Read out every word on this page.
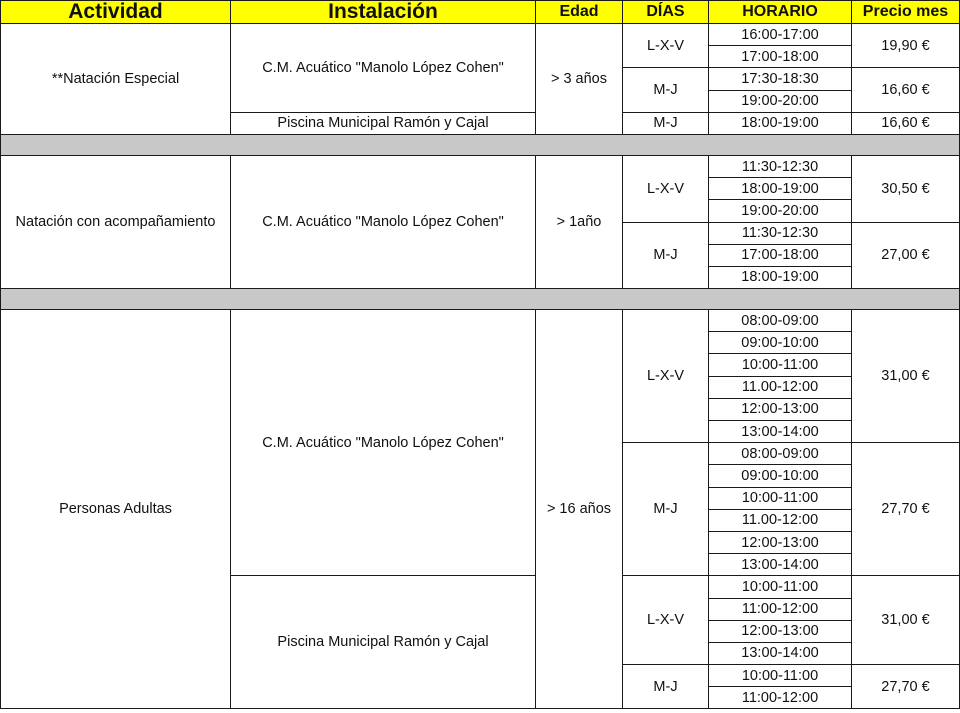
Actividad	Instalación	Edad	DÍAS	HORARIO	Precio mes
**Natación Especial	C.M. Acuático "Manolo López Cohen"	> 3 años	L-X-V	16:00-17:00	19,90 €
				17:00-18:00	
			M-J	17:30-18:30	16,60 €
				19:00-20:00	
	Piscina Municipal Ramón y Cajal		M-J	18:00-19:00	16,60 €

Natación con acompañamiento	C.M. Acuático "Manolo López Cohen"	> 1año	L-X-V	11:30-12:30	30,50 €
				18:00-19:00	
				19:00-20:00	
			M-J	11:30-12:30	27,00 €
				17:00-18:00	
				18:00-19:00	

Personas Adultas	C.M. Acuático "Manolo López Cohen"	> 16 años	L-X-V	08:00-09:00	31,00 €
				09:00-10:00	
				10:00-11:00	
				11.00-12:00	
				12:00-13:00	
				13:00-14:00	
			M-J	08:00-09:00	27,70 €
				09:00-10:00	
				10:00-11:00	
				11.00-12:00	
				12:00-13:00	
				13:00-14:00	
	Piscina Municipal Ramón y Cajal		L-X-V	10:00-11:00	31,00 €
				11:00-12:00	
				12:00-13:00	
				13:00-14:00	
			M-J	10:00-11:00	27,70 €
				11:00-12:00	
